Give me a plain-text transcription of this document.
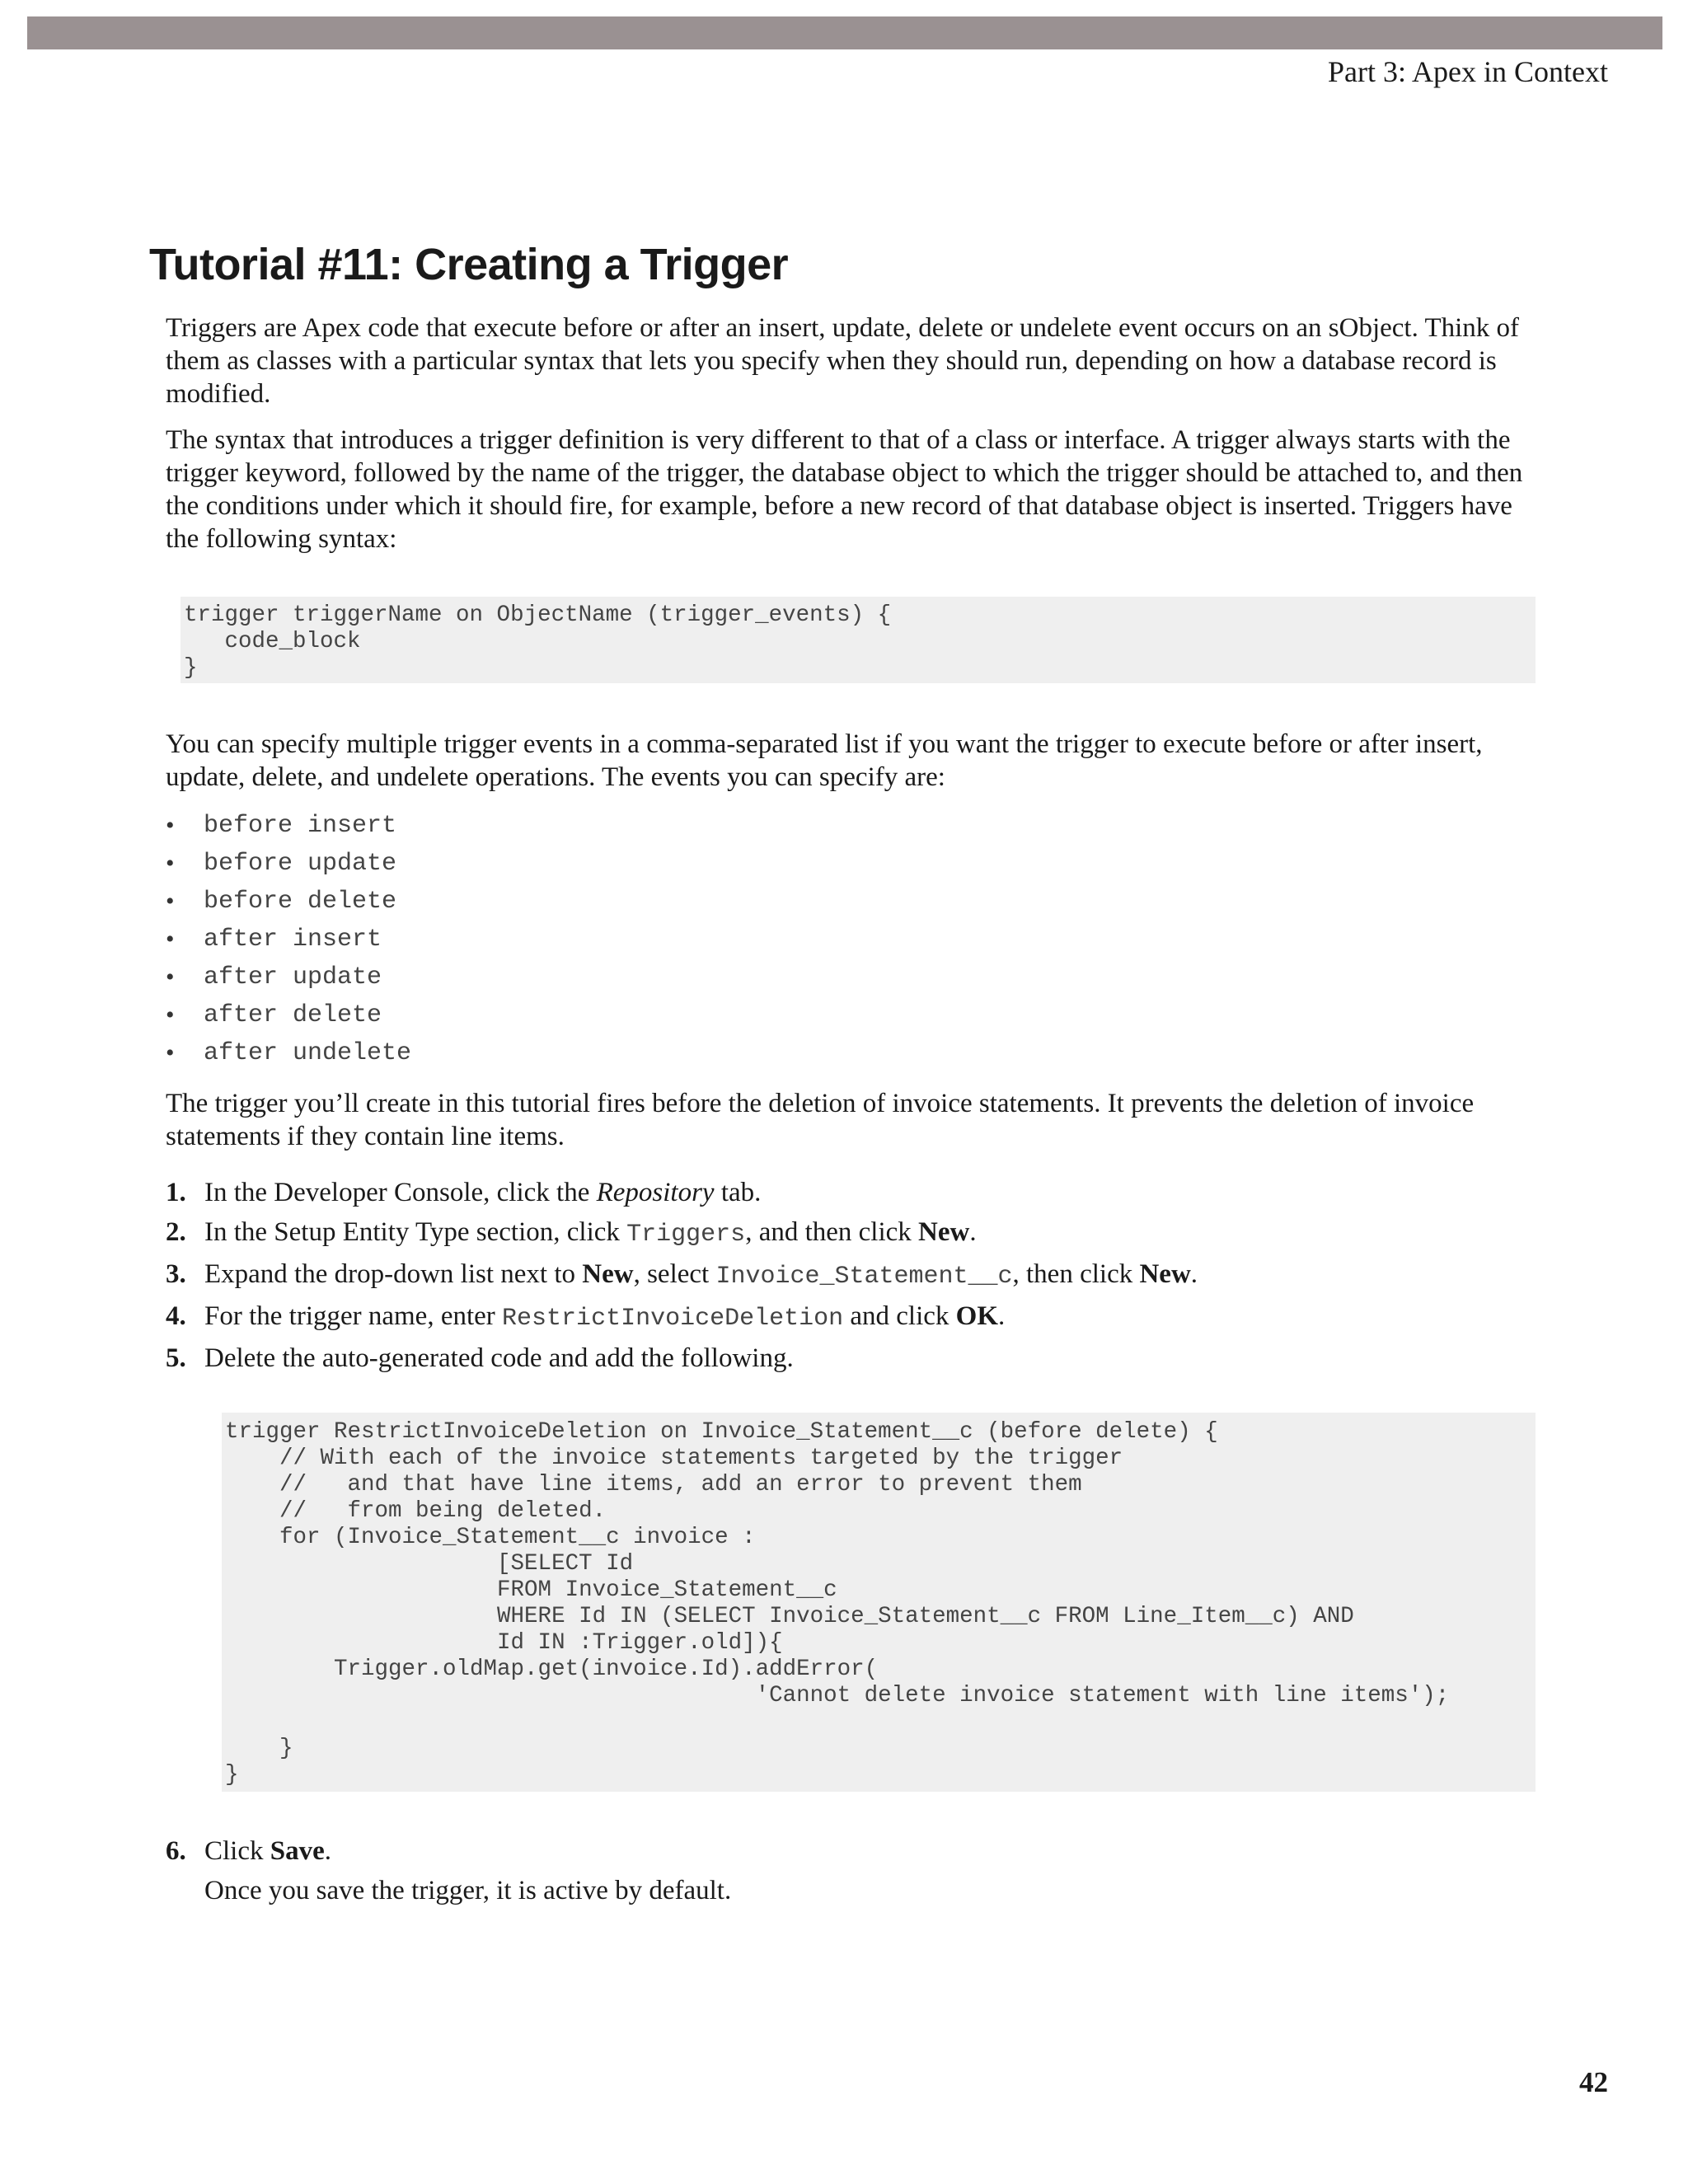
Part 3: Apex in Context
Tutorial #11: Creating a Trigger

Triggers are Apex code that execute before or after an insert, update, delete or undelete event occurs on an sObject. Think of them as classes with a particular syntax that lets you specify when they should run, depending on how a database record is modified.

The syntax that introduces a trigger definition is very different to that of a class or interface. A trigger always starts with the trigger keyword, followed by the name of the trigger, the database object to which the trigger should be attached to, and then the conditions under which it should fire, for example, before a new record of that database object is inserted. Triggers have the following syntax:

trigger triggerName on ObjectName (trigger_events) {
code_block
}

You can specify multiple trigger events in a comma-separated list if you want the trigger to execute before or after insert, update, delete, and undelete operations. The events you can specify are:

•	before insert
•	before update
•	before delete
•	after insert
•	after update
•	after delete
•	after undelete

The trigger you’ll create in this tutorial fires before the deletion of invoice statements. It prevents the deletion of invoice statements if they contain line items.

1. In the Developer Console, click the Repository tab.
2. In the Setup Entity Type section, click Triggers, and then click New.
3. Expand the drop-down list next to New, select Invoice_Statement__c, then click New.
4. For the trigger name, enter RestrictInvoiceDeletion and click OK.
5. Delete the auto-generated code and add the following.
trigger RestrictInvoiceDeletion on Invoice_Statement__c (before delete) {
// With each of the invoice statements targeted by the trigger
//   and that have line items, add an error to prevent them
//   from being deleted.
for (Invoice_Statement__c invoice :
[SELECT Id
FROM Invoice_Statement__c
WHERE Id IN (SELECT Invoice_Statement__c FROM Line_Item__c) AND
Id IN :Trigger.old]){
Trigger.oldMap.get(invoice.Id).addError(
'Cannot delete invoice statement with line items');

}
}
6. Click Save.
Once you save the trigger, it is active by default.
42
